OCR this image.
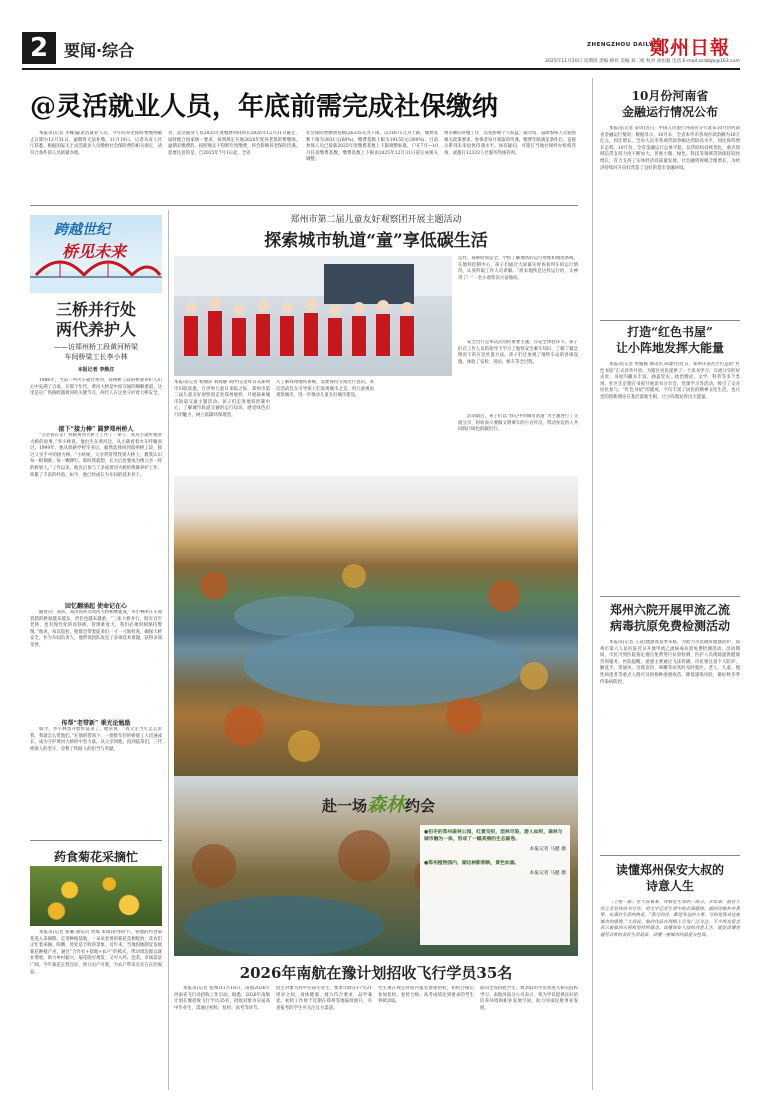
2 要闻·综合	ZHENGZHOU DAILY
鄭州日報
2025年11月20日 星期四 责编 韩祥 美编 刘二姐 校对 高恒毅 电话 E-mail:zzrbbjb@163.com
@灵活就业人员，年底前需完成社保缴纳
本报讯(记者 李娜)@灵活就业人员，今年的养老保险费缴纳截止日期为12月31日，逾期将无法补缴。11月19日，记者从省人社厅获悉，根据国家关于灵活就业人员缴纳社会保险费的相关规定，请符合条件的人员抓紧办理。
者，灵活就业人员2025年度缴费时间将在2026年12月31日截止，届时配合国家统一要求，按照规定开展2026年度养老保险费缴纳。逾期未缴费的，按照规定不得跨年度缴费，将会影响养老保险待遇。需要注意的是，自2025年7月1日起，全省
社会保险费缴费基数以6335元为下限，以31671元为上限，缴费基数下限为3831元(60%)，缴费基数上限为19155元(300%)，目前参保人员已按新2025年度缴费基数上下限调整标准，户在7月—10月任意缴费基数，缴费基数上下限由2025年12月31日前完成相关调整。
费差额的补缴工作，以免影响个人权益。据介绍，超龄参保人员按照相关政策要求，参保者每月领取的待遇，缴费年限满足条件后，直接关系到未来退休待遇水平。如有疑问，可拨打当地社保经办机构咨询，或拨打12333人社服务热线咨询。
跨越世纪
桥见未来
三桥并行处
两代养护人
——访郑州桥工段黄河桥梁
车间桥梁工长李小林
本报记者 李焕庄
1986年，当第一列火车驶过黄河，郑州桥工段的桥梁养护人们心中充满了自豪。在那个年代，黄河大桥是中原交通的咽喉要道。这里是京广铁路跨越黄河的关键节点，两代人在这里守护着大桥安全。
接下“接力棒” 圆梦郑州桥人
“父亲曾在京广铁路黄河大桥上工作了一辈子，我从小就听他讲大桥的故事。”李小林说，他出生在黄河边，从小就看着火车呼啸而过。1999年，他从铁路学校毕业后，毅然选择回到郑州桥工段，接过父亲手中的接力棒。“小时候，父亲常常带我到大桥上，教我认识每一根钢梁、每一颗铆钉。那时我就想，长大后也要成为像父亲一样的桥梁人。”工作以来，他先后参与了多座黄河大桥的维修养护工作，积累了丰富的经验。如今，他已经成长为车间的技术骨干。
回忆翻涌起 使命记在心
随着京广高铁、郑济高铁等黄河大桥相继建成，李小林所在车间管辖的桥梁越来越多，责任也越来越重。“三座大桥并行，既有百年老桥，也有现代化的高铁桥，管理难度大，我们必须时刻保持警惕。”他说，每次巡检，他都会带着徒弟们一寸一寸地检查，确保大桥安全。作为车间负责人，他带领团队攻克了多项技术难题，获得多项荣誉。
传帮“老带新” 秉光论勉励
如今，李小林也开始带徒弟了。他常说：“我父亲当年怎么带我，我就怎么带他们。”在他的带领下，一批批年轻的桥梁工人迅速成长，成为守护黄河大桥的中坚力量。从父亲到他，再到徒弟们，三代桥梁人的坚守，诠释了铁路人的担当与奉献。
药食菊花采摘忙
本报讯(记者 张璐 通讯员 黄瑞 朱瑞)初冬时节，各地的药食菊花进入采摘期。走进种植基地，一朵朵金黄的菊花竞相绽放，花农们正忙着采摘、晾晒，处处是丰收的景象。近年来，当地因地制宜发展菊花种植产业，通过“合作社+基地+农户”的模式，带动周边群众就业增收，助力乡村振兴。菊花既可观赏，又可入药、泡茶，市场前景广阔。今年菊花长势良好，预计亩产可观，为农户带来实实在在的收益。
郑州市第二届儿童友好观察团开展主题活动
探索城市轨道“童”享低碳生活
本报讯(记者 杨丽萍 刘海静 刘伊)记者昨日从郑州市妇联获悉，在世界儿童日来临之际，郑州市第二届儿童友好观察团走进郑州地铁，开展探索城市轨道交通主题活动。孩子们走进地铁控制中心，了解城市轨道交通的运行知识，感受绿色出行的魅力，树立低碳环保理念。
入了解郑州地铁系统，需要保持文明出行意识。本次活动旨在引导孩子们发现城市之美，用儿童视角观察城市，进一步推动儿童友好城市建设。
运作，探索时间安全，学校了解地铁的运行原理和调度系统。在地铁控制中心，孩子们通过大屏幕实时查看列车的运行情况，认真听取工作人员讲解。“原来地铁是这样运行的，太神奇了！”一名小观察员兴奋地说。
安全出行是本次活动的重要主题。在安全体验环节，孩子们在工作人员的指导下学习了地铁安全乘车知识，了解了紧急情况下的应急处置方法。孩子们还参观了地铁车站的各项设施，体验了安检、进站、候车等全过程。
活动最后，孩子们以“我心中的城市轨道”为主题进行了交流分享，纷纷表示要做文明乘车的小宣传员，带动身边的人共同践行绿色低碳出行。
赴一场森林约会
●初冬的郑州森林公园，红黄交织，层林尽染，游人如织，森林与城市融为一体，形成了一幅美丽的生态画卷。
本报记者 马健 摄
●郑州植物园内，湖边树影倒映，景色如画。
本报记者 马健 摄
2026年南航在豫计划招收飞行学员35名
本报讯(记者 张博)11月18日，南航2026年河南省飞行员招收工作启动。据悉，2026年南航计划在豫招收飞行学员35名，招收对象为应届高中毕业生，需通过初检、复检、高考等环节。
招生对象为高中应届毕业生，要求年龄在17至21周岁之间，身体健康，视力符合要求，品学兼优。初检工作将于近期在郑州等地陆续展开，有意报考的学生可关注官方渠道。
考生须在规定时间内报名参加初检，初检合格后参加复检。复检合格、高考成绩达到要求的考生将被录取。
面向全省招收学生，被录取的学员将进入相关院校学习。南航河南分公司表示，将为学员提供良好的培养环境和职业发展空间，助力河南民航事业发展。
10月份河南省
金融运行情况公布
本报讯(记者 安琪)近日，中国人民银行河南省分行发布10月份河南省金融运行情况。数据显示，10月末，全省本外币各项存款余额为10万亿元，同比增长。全省人民币各项贷款余额达到较高水平，同比保持增长态势。10月份，全省金融运行总体平稳，信贷结构持续优化，重点领域信贷支持力度不断加大，普惠小微、绿色、科技等领域贷款保持较快增长，有力支持了实体经济高质量发展。社会融资规模合理增长，为经济持续回升向好营造了良好的货币金融环境。
打造“红色书屋”
让小阵地发挥大能量
本报讯(记者 侯媛媛 通讯员 陈建玲)近日，郑州市某社区打造的“红色书屋”正式对外开放，为辖区居民提供了一个读书学习、交流分享的好去处。书屋内藏书丰富，涵盖党史、政治理论、文学、科普等多个类别。社区还定期在书屋开展读书分享会、党课学习等活动，吸引了众多居民参与。“红色书屋”的建成，不仅丰富了居民的精神文化生活，也让党的创新理论在基层落地生根，让小阵地发挥出大能量。
郑州六院开展甲流乙流
病毒抗原免费检测活动
本报讯(记者 王冠)流感高发季来临，为助力市民做好健康防护，郑州市第六人民医院近日开展甲流乙流病毒抗原免费检测活动。活动期间，市民可到医院指定地点免费进行抗原检测，医护人员现场提供健康咨询服务。医院提醒，流感主要通过飞沫传播，市民要注意个人防护，勤洗手、常通风，出现发热、咳嗽等症状时及时就医。老人、儿童、慢性病患者等重点人群可及时接种流感疫苗，降低感染风险，做好秋冬季传染病防控。
读懂郑州保安大叔的
诗意人生
〔上接一版〕在大叔看来，诗歌是生活的一部分。多年来，他在工作之余坚持读书写作，用文字记录生活中的点滴感悟。他的诗歌朴实真挚，充满对生活的热爱。“我写的诗，都是身边的小事，写的是我对这座城市的感情。”大叔说。他的作品在网络上引发广泛关注，不少网友留言表示被他的乐观和坚持所感动。读懂保安大叔的诗意人生，就是读懂普通劳动者的美好生活追求，读懂一座城市的温度与包容。
